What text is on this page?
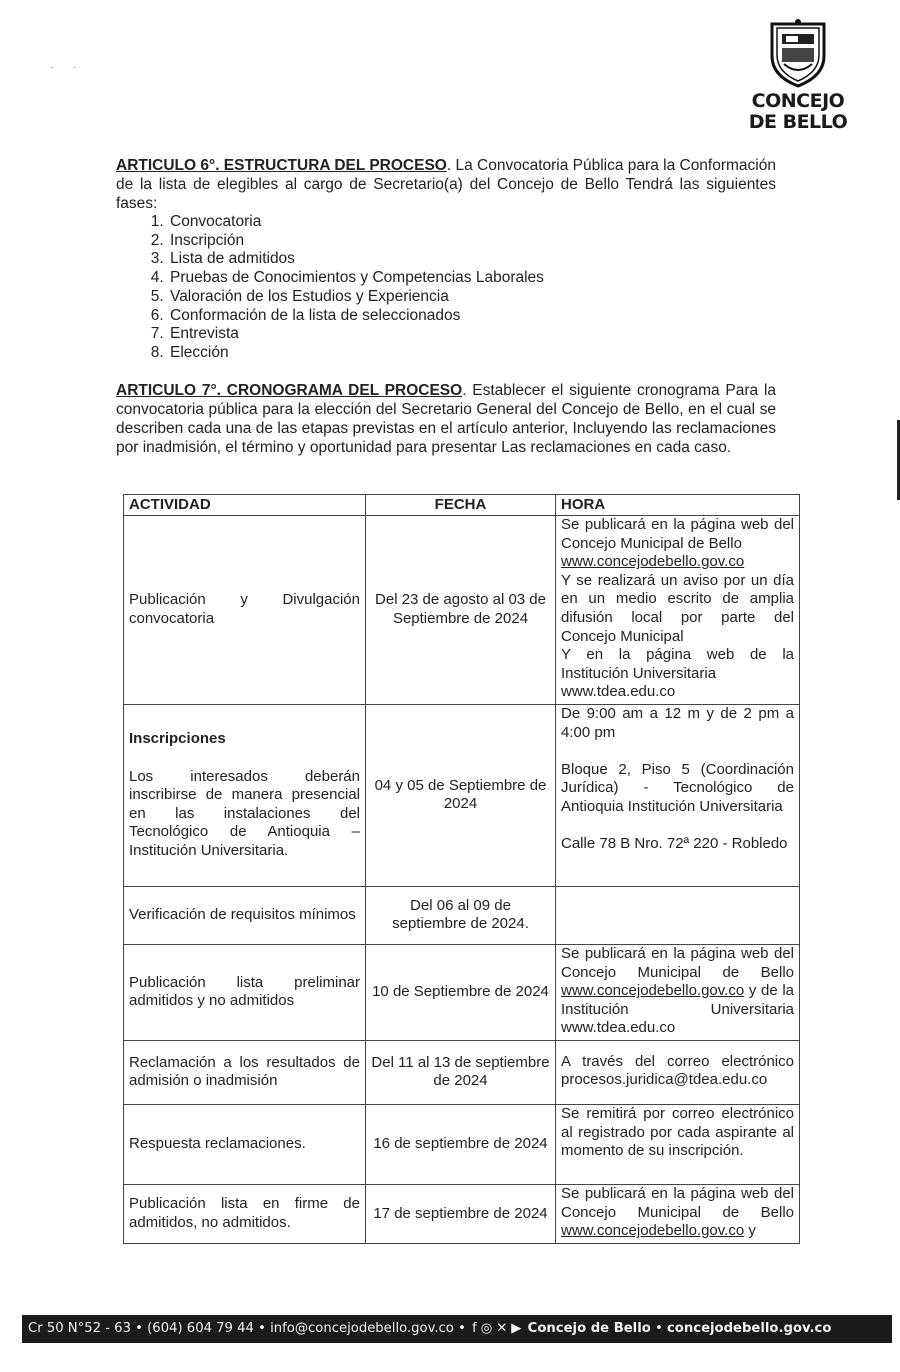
·       ·
CONCEJO
DE BELLO

ARTICULO 6°. ESTRUCTURA DEL PROCESO. La Convocatoria Pública para la Conformación de la lista de elegibles al cargo de Secretario(a) del Concejo de Bello Tendrá las siguientes fases:

1. Convocatoria
2. Inscripción
3. Lista de admitidos
4. Pruebas de Conocimientos y Competencias Laborales
5. Valoración de los Estudios y Experiencia
6. Conformación de la lista de seleccionados
7. Entrevista
8. Elección

ARTICULO 7°. CRONOGRAMA DEL PROCESO. Establecer el siguiente cronograma Para la convocatoria pública para la elección del Secretario General del Concejo de Bello, en el cual se describen cada una de las etapas previstas en el artículo anterior, Incluyendo las reclamaciones por inadmisión, el término y oportunidad para presentar Las reclamaciones en cada caso.

ACTIVIDAD	FECHA	HORA
Publicación y Divulgación convocatoria	Del 23 de agosto al 03 de Septiembre de 2024	Se publicará en la página web del Concejo Municipal de Bello
www.concejodebello.gov.co
Y se realizará un aviso por un día en un medio escrito de amplia difusión local por parte del Concejo Municipal
Y en la página web de la Institución Universitaria
www.tdea.edu.co
Inscripciones

Los interesados deberán inscribirse de manera presencial en las instalaciones del Tecnológico de Antioquia – Institución Universitaria.	04 y 05 de Septiembre de 2024	De 9:00 am a 12 m y de 2 pm a 4:00 pm

Bloque 2, Piso 5 (Coordinación Jurídica) - Tecnológico de Antioquia Institución Universitaria

Calle 78 B Nro. 72ª 220 - Robledo
Verificación de requisitos mínimos	Del 06 al 09 de septiembre de 2024.	
Publicación lista preliminar admitidos y no admitidos	10 de Septiembre de 2024	Se publicará en la página web del Concejo Municipal de Bello www.concejodebello.gov.co y de la Institución Universitaria www.tdea.edu.co
Reclamación a los resultados de admisión o inadmisión	Del 11 al 13 de septiembre de 2024	A través del correo electrónico procesos.juridica@tdea.edu.co
Respuesta reclamaciones.	16 de septiembre de 2024	Se remitirá por correo electrónico al registrado por cada aspirante al momento de su inscripción.
Publicación lista en firme de admitidos, no admitidos.	17 de septiembre de 2024	Se publicará en la página web del Concejo Municipal de Bello www.concejodebello.gov.co y
Cr 50 N°52 - 63 • (604) 604 79 44 • info@concejodebello.gov.co • f ◎ ✕ ▶ Concejo de Bello • concejodebello.gov.co
